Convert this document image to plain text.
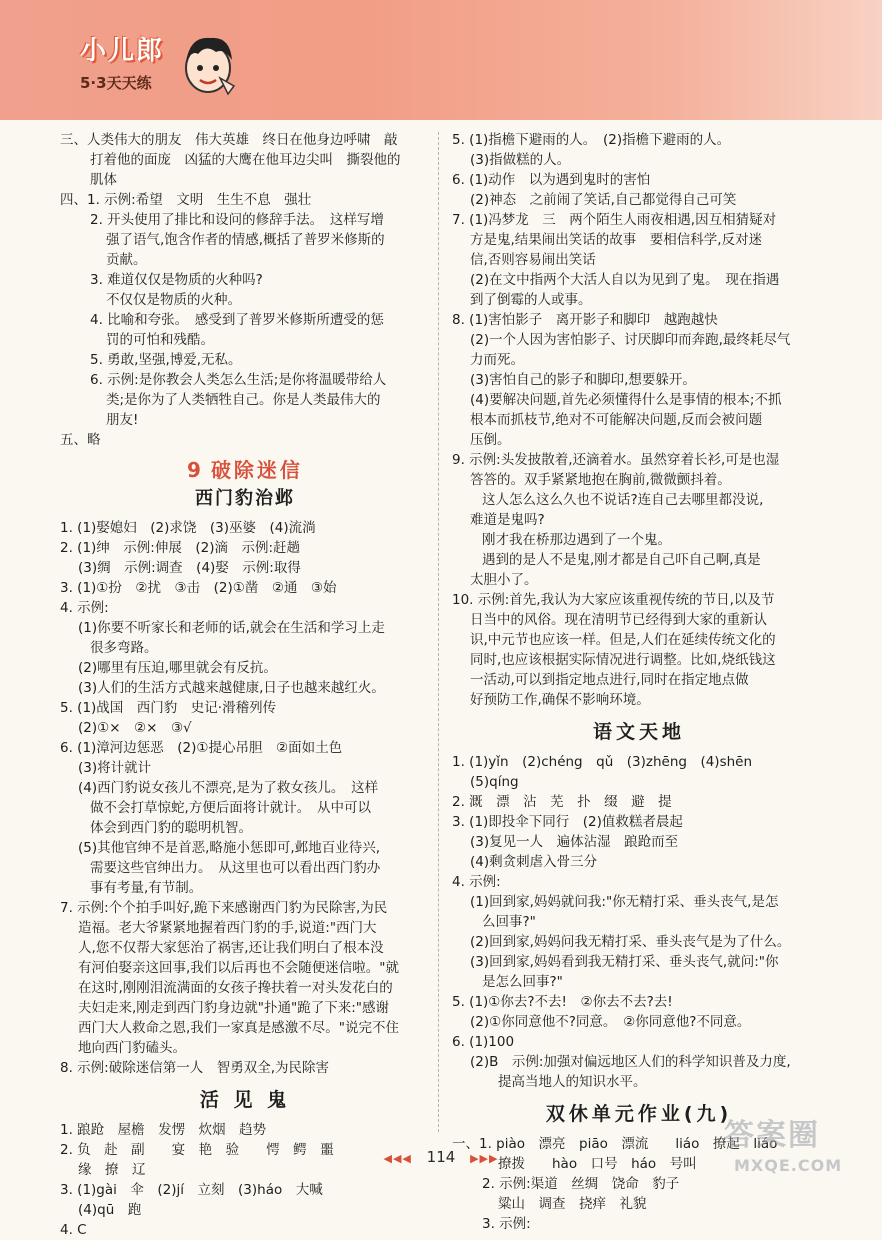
小儿郎
5·3天天练
三、人类伟大的朋友　伟大英雄　终日在他身边呼啸　敲
打着他的面庞　凶猛的大鹰在他耳边尖叫　撕裂他的
肌体
四、1. 示例:希望　文明　生生不息　强壮
2. 开头使用了排比和设问的修辞手法。　这样写增
强了语气,饱含作者的情感,概括了普罗米修斯的
贡献。
3. 难道仅仅是物质的火种吗?
不仅仅是物质的火种。
4. 比喻和夸张。　感受到了普罗米修斯所遭受的惩
罚的可怕和残酷。
5. 勇敢,坚强,博爱,无私。
6. 示例:是你教会人类怎么生活;是你将温暖带给人
类;是你为了人类牺牲自己。你是人类最伟大的
朋友!
五、略
9 破除迷信
西门豹治邺
1. (1)娶媳妇　(2)求饶　(3)巫婆　(4)流淌
2. (1)绅　示例:伸展　(2)滴　示例:赶趟
(3)绸　示例:调查　(4)娶　示例:取得
3. (1)①扮　②扰　③击　(2)①凿　②通　③始
4. 示例:
(1)你要不听家长和老师的话,就会在生活和学习上走
很多弯路。
(2)哪里有压迫,哪里就会有反抗。
(3)人们的生活方式越来越健康,日子也越来越红火。
5. (1)战国　西门豹　史记·滑稽列传
(2)①×　②×　③√
6. (1)漳河边惩恶　(2)①提心吊胆　②面如土色
(3)将计就计
(4)西门豹说女孩儿不漂亮,是为了救女孩儿。　这样
做不会打草惊蛇,方便后面将计就计。　从中可以
体会到西门豹的聪明机智。
(5)其他官绅不是首恶,略施小惩即可,邺地百业待兴,
需要这些官绅出力。　从这里也可以看出西门豹办
事有考量,有节制。
7. 示例:个个拍手叫好,跪下来感谢西门豹为民除害,为民
造福。老大爷紧紧地握着西门豹的手,说道:"西门大
人,您不仅帮大家惩治了祸害,还让我们明白了根本没
有河伯娶亲这回事,我们以后再也不会随便迷信啦。"就
在这时,刚刚泪流满面的女孩子搀扶着一对头发花白的
夫妇走来,刚走到西门豹身边就"扑通"跪了下来:"感谢
西门大人救命之恩,我们一家真是感激不尽。"说完不住
地向西门豹磕头。
8. 示例:破除迷信第一人　智勇双全,为民除害
活 见 鬼
1. 踉跄　屋檐　发愣　炊烟　趋势
2. 负　赴　副　　宴　艳　验　　愕　鳄　噩
缘　撩　辽
3. (1)gài　伞　(2)jí　立刻　(3)háo　大喊
(4)qū　跑
4. C
5. (1)指檐下避雨的人。　(2)指檐下避雨的人。
(3)指做糕的人。
6. (1)动作　以为遇到鬼时的害怕
(2)神态　之前闹了笑话,自己都觉得自己可笑
7. (1)冯梦龙　三　两个陌生人雨夜相遇,因互相猜疑对
方是鬼,结果闹出笑话的故事　要相信科学,反对迷
信,否则容易闹出笑话
(2)在文中指两个大活人自以为见到了鬼。　现在指遇
到了倒霉的人或事。
8. (1)害怕影子　离开影子和脚印　越跑越快
(2)一个人因为害怕影子、讨厌脚印而奔跑,最终耗尽气
力而死。
(3)害怕自己的影子和脚印,想要躲开。
(4)要解决问题,首先必须懂得什么是事情的根本;不抓
根本而抓枝节,绝对不可能解决问题,反而会被问题
压倒。
9. 示例:头发披散着,还滴着水。虽然穿着长衫,可是也湿
答答的。双手紧紧地抱在胸前,微微颤抖着。
这人怎么这么久也不说话?连自己去哪里都没说,
难道是鬼吗?
刚才我在桥那边遇到了一个鬼。
遇到的是人不是鬼,刚才都是自己吓自己啊,真是
太胆小了。
10. 示例:首先,我认为大家应该重视传统的节日,以及节
日当中的风俗。现在清明节已经得到大家的重新认
识,中元节也应该一样。但是,人们在延续传统文化的
同时,也应该根据实际情况进行调整。比如,烧纸钱这
一活动,可以到指定地点进行,同时在指定地点做
好预防工作,确保不影响环境。
语文天地
1. (1)yǐn　(2)chéng　qǔ　(3)zhēng　(4)shēn
(5)qíng
2. 溉　漂　沾　芜　扑　缀　避　提
3. (1)即投伞下同行　(2)值救糕者晨起
(3)复见一人　遍体沾湿　踉跄而至
(4)剩贪刺虐入骨三分
4. 示例:
(1)回到家,妈妈就问我:"你无精打采、垂头丧气,是怎
么回事?"
(2)回到家,妈妈问我无精打采、垂头丧气是为了什么。
(3)回到家,妈妈看到我无精打采、垂头丧气,就问:"你
是怎么回事?"
5. (1)①你去?不去!　②你去不去?去!
(2)①你同意他不?同意。　②你同意他?不同意。
6. (1)100
(2)B　示例:加强对偏远地区人们的科学知识普及力度,
提高当地人的知识水平。
双休单元作业(九)
一、1. piào　漂亮　piāo　漂流　　liáo　撩起　liáo
撩拨　　hào　口号　háo　号叫
2. 示例:渠道　丝绸　饶命　豹子
粱山　调查　挠痒　礼貌
3. 示例:
◀◀◀ 114 ▶▶▶
答案圈
MXQE.COM
